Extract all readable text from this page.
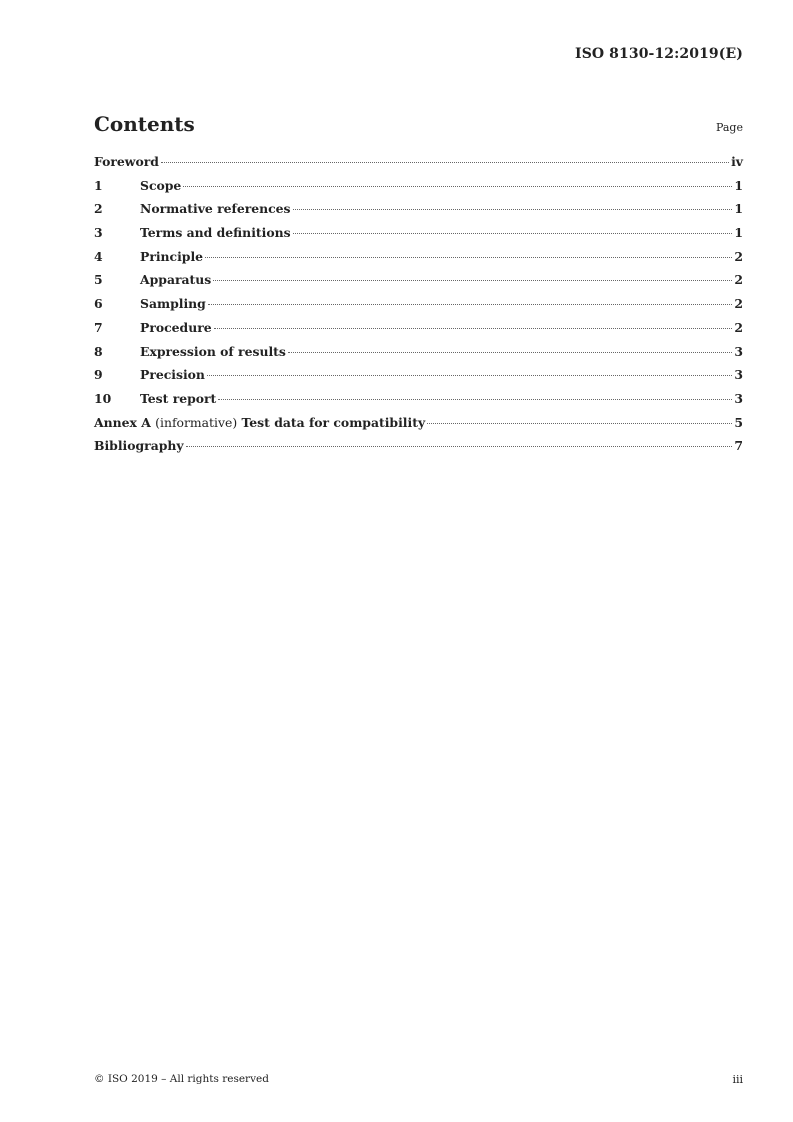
ISO 8130-12:2019(E)
Contents	Page
Foreword	iv
1	Scope	1
2	Normative references	1
3	Terms and definitions	1
4	Principle	2
5	Apparatus	2
6	Sampling	2
7	Procedure	2
8	Expression of results	3
9	Precision	3
10	Test report	3
Annex A (informative) Test data for compatibility	5
Bibliography	7
© ISO 2019 – All rights reserved	iii
